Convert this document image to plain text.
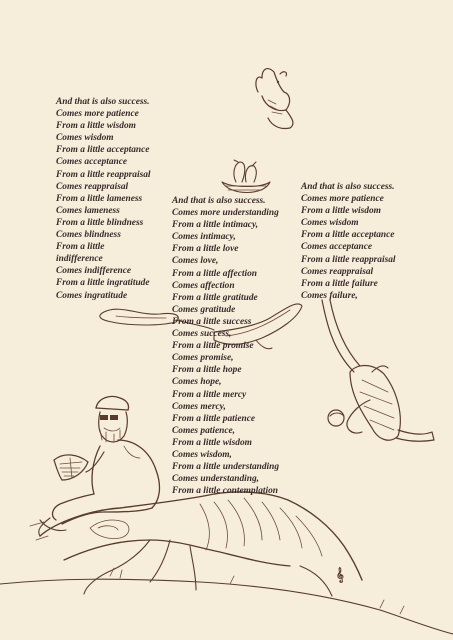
And that is also success.
Comes more patience
From a little wisdom
Comes wisdom
From a little acceptance
Comes acceptance
From a little reappraisal
Comes reappraisal
From a little lameness
Comes lameness
From a little blindness
Comes blindness
From a little
indifference
Comes indifference
From a little ingratitude
Comes ingratitude
And that is also success.
Comes more understanding
From a little intimacy,
Comes intimacy,
From a little love
Comes love,
From a little affection
Comes affection
From a little gratitude
Comes gratitude
From a little success
Comes success,
From a little promise
Comes promise,
From a little hope
Comes hope,
From a little mercy
Comes mercy,
From a little patience
Comes patience,
From a little wisdom
Comes wisdom,
From a little understanding
Comes understanding,
From a little contemplation
And that is also success.
Comes more patience
From a little wisdom
Comes wisdom
From a little acceptance
Comes acceptance
From a little reappraisal
Comes reappraisal
From a little failure
Comes failure,
𝄞
